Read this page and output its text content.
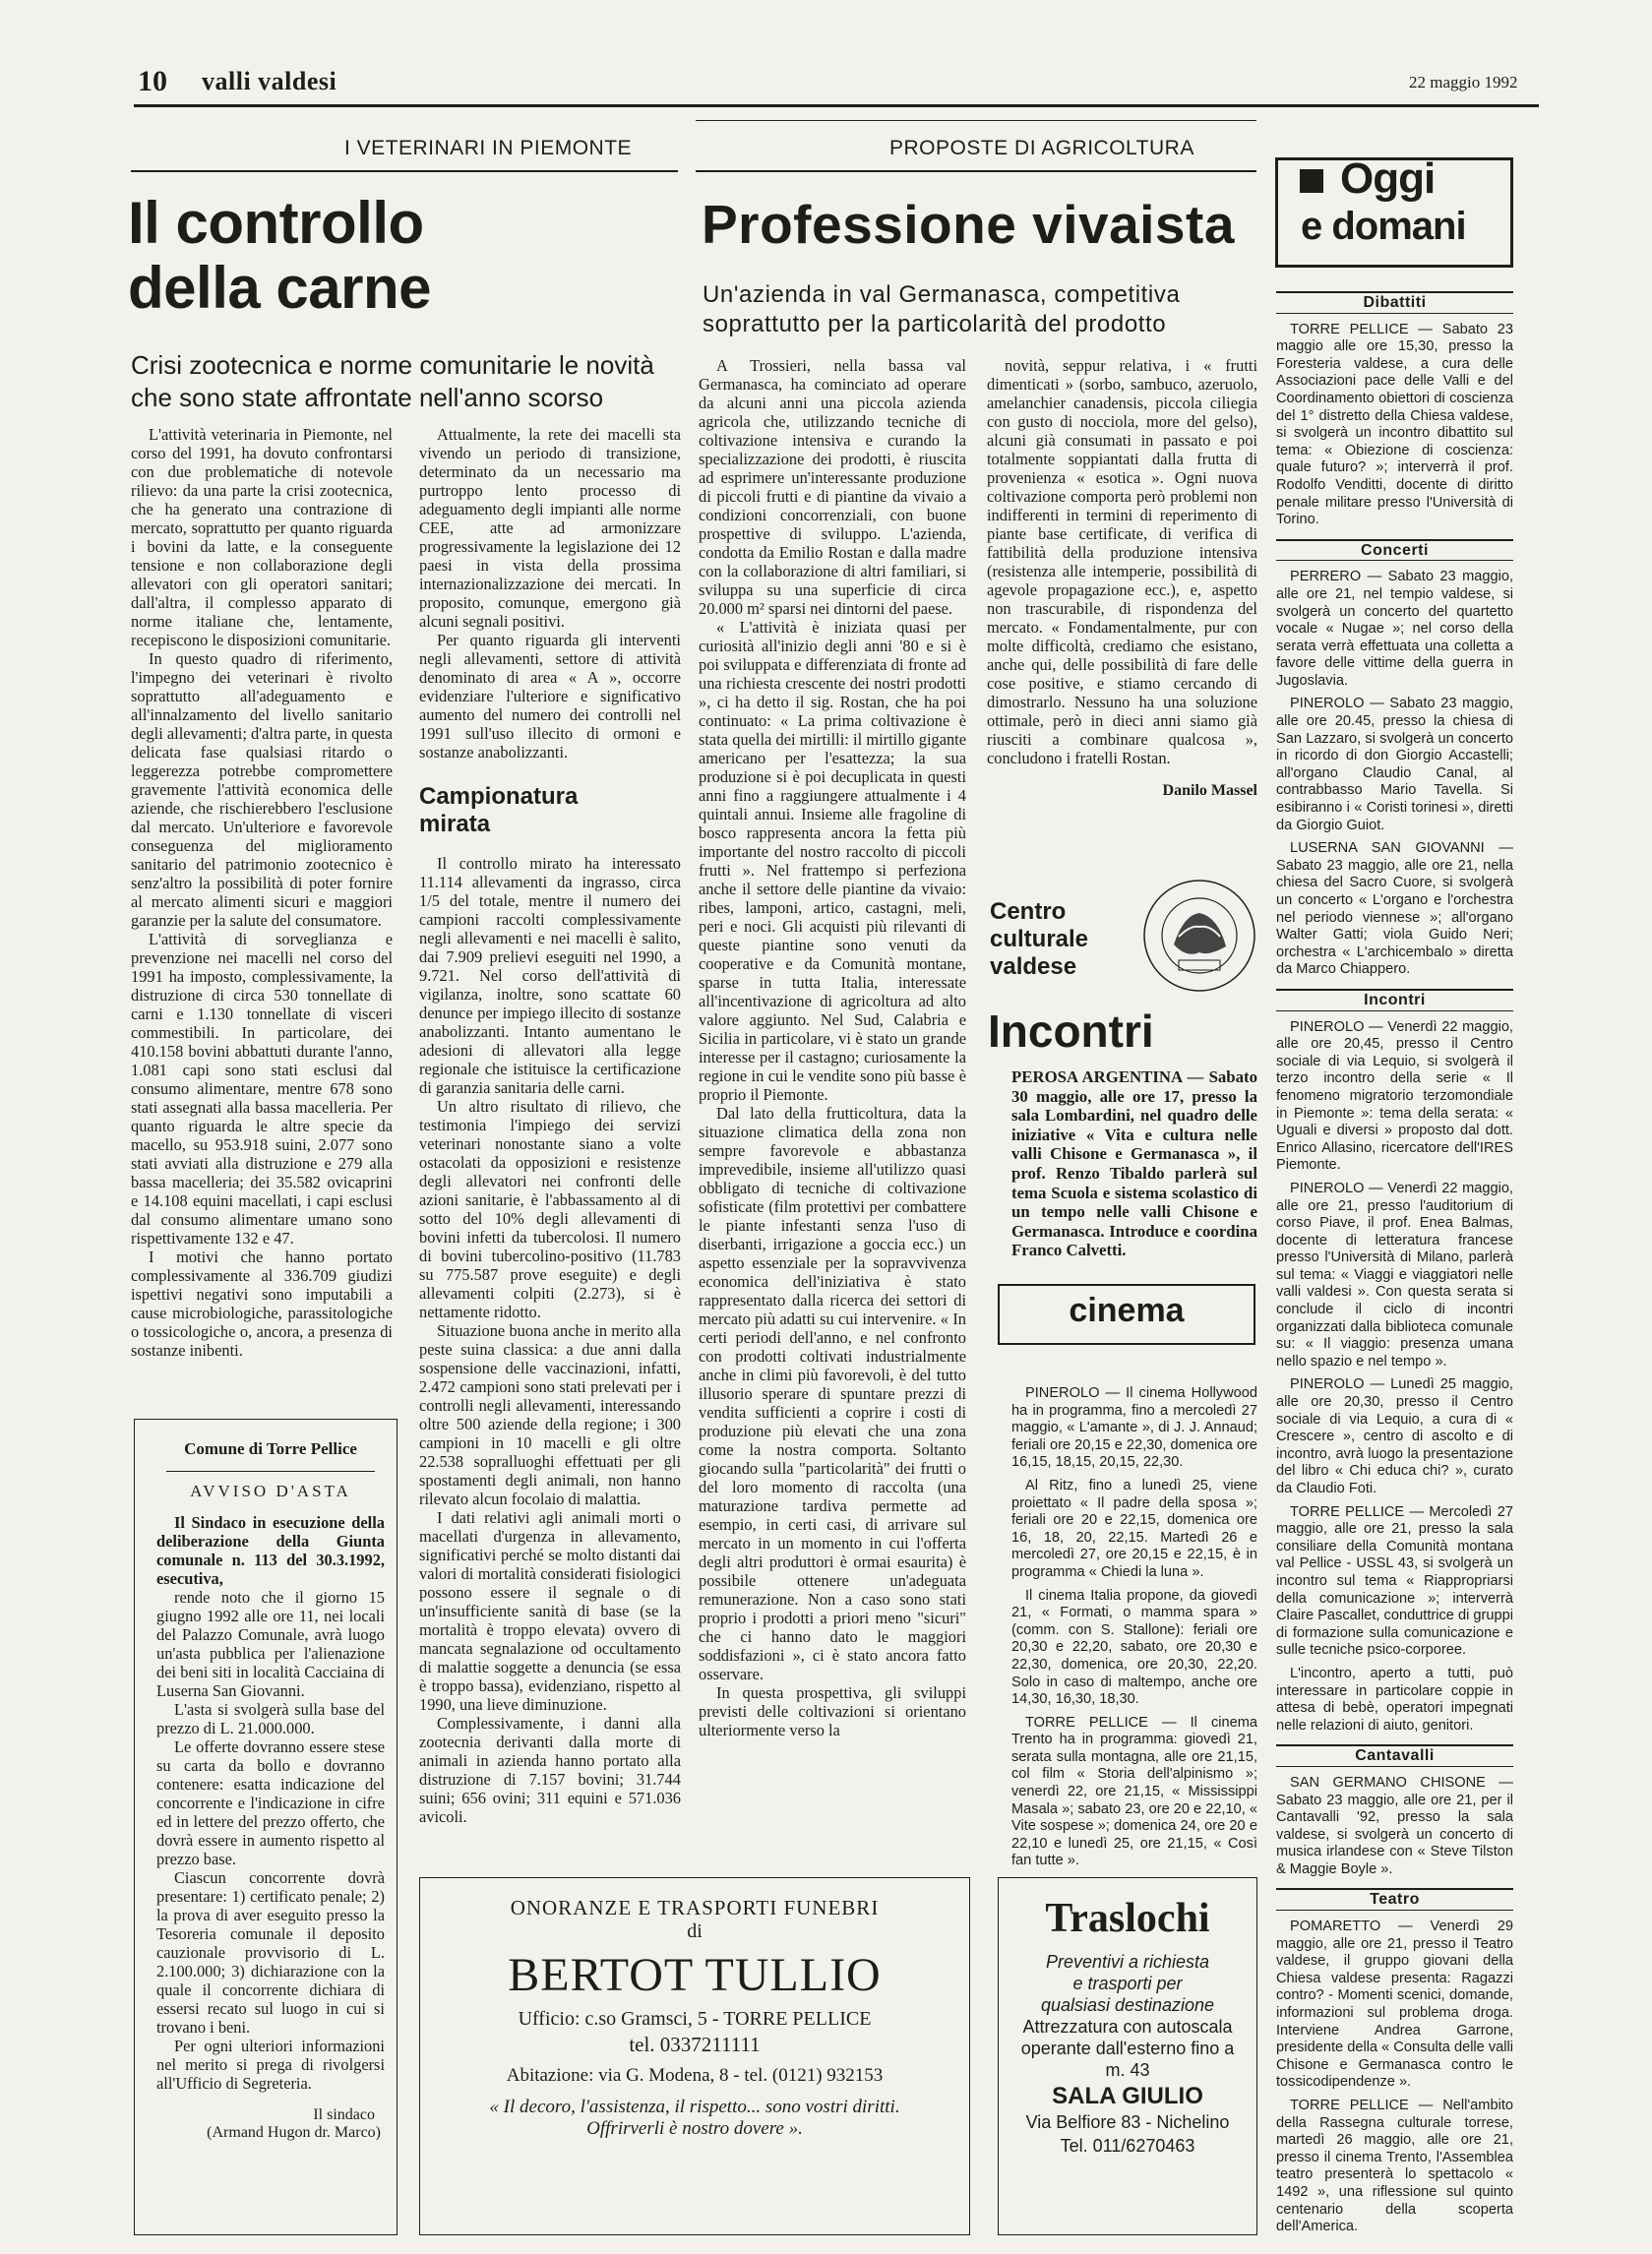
10 valli valdesi	22 maggio 1992
I VETERINARI IN PIEMONTE
Il controllo
della carne
Crisi zootecnica e norme comunitarie le novità che sono state affrontate nell'anno scorso

L'attività veterinaria in Piemonte, nel corso del 1991, ha dovuto confrontarsi con due problematiche di notevole rilievo: da una parte la crisi zootecnica, che ha generato una contrazione di mercato, soprattutto per quanto riguarda i bovini da latte, e la conseguente tensione e non collaborazione degli allevatori con gli operatori sanitari; dall'altra, il complesso apparato di norme italiane che, lentamente, recepiscono le disposizioni comunitarie.

In questo quadro di riferimento, l'impegno dei veterinari è rivolto soprattutto all'adeguamento e all'innalzamento del livello sanitario degli allevamenti; d'altra parte, in questa delicata fase qualsiasi ritardo o leggerezza potrebbe compromettere gravemente l'attività economica delle aziende, che rischierebbero l'esclusione dal mercato. Un'ulteriore e favorevole conseguenza del miglioramento sanitario del patrimonio zootecnico è senz'altro la possibilità di poter fornire al mercato alimenti sicuri e maggiori garanzie per la salute del consumatore.

L'attività di sorveglianza e prevenzione nei macelli nel corso del 1991 ha imposto, complessivamente, la distruzione di circa 530 tonnellate di carni e 1.130 tonnellate di visceri commestibili. In particolare, dei 410.158 bovini abbattuti durante l'anno, 1.081 capi sono stati esclusi dal consumo alimentare, mentre 678 sono stati assegnati alla bassa macelleria. Per quanto riguarda le altre specie da macello, su 953.918 suini, 2.077 sono stati avviati alla distruzione e 279 alla bassa macelleria; dei 35.582 ovicaprini e 14.108 equini macellati, i capi esclusi dal consumo alimentare umano sono rispettivamente 132 e 47.

I motivi che hanno portato complessivamente al 336.709 giudizi ispettivi negativi sono imputabili a cause microbiologiche, parassitologiche o tossicologiche o, ancora, a presenza di sostanze inibenti.

Attualmente, la rete dei macelli sta vivendo un periodo di transizione, determinato da un necessario ma purtroppo lento processo di adeguamento degli impianti alle norme CEE, atte ad armonizzare progressivamente la legislazione dei 12 paesi in vista della prossima internazionalizzazione dei mercati. In proposito, comunque, emergono già alcuni segnali positivi.

Per quanto riguarda gli interventi negli allevamenti, settore di attività denominato di area « A », occorre evidenziare l'ulteriore e significativo aumento del numero dei controlli nel 1991 sull'uso illecito di ormoni e sostanze anabolizzanti.

Campionatura mirata

Il controllo mirato ha interessato 11.114 allevamenti da ingrasso, circa 1/5 del totale, mentre il numero dei campioni raccolti complessivamente negli allevamenti e nei macelli è salito, dai 7.909 prelievi eseguiti nel 1990, a 9.721. Nel corso dell'attività di vigilanza, inoltre, sono scattate 60 denunce per impiego illecito di sostanze anabolizzanti. Intanto aumentano le adesioni di allevatori alla legge regionale che istituisce la certificazione di garanzia sanitaria delle carni.

Un altro risultato di rilievo, che testimonia l'impiego dei servizi veterinari nonostante siano a volte ostacolati da opposizioni e resistenze degli allevatori nei confronti delle azioni sanitarie, è l'abbassamento al di sotto del 10% degli allevamenti di bovini infetti da tubercolosi. Il numero di bovini tubercolino-positivo (11.783 su 775.587 prove eseguite) e degli allevamenti colpiti (2.273), si è nettamente ridotto.

Situazione buona anche in merito alla peste suina classica: a due anni dalla sospensione delle vaccinazioni, infatti, 2.472 campioni sono stati prelevati per i controlli negli allevamenti, interessando oltre 500 aziende della regione; i 300 campioni in 10 macelli e gli oltre 22.538 sopralluoghi effettuati per gli spostamenti degli animali, non hanno rilevato alcun focolaio di malattia.

I dati relativi agli animali morti o macellati d'urgenza in allevamento, significativi perché se molto distanti dai valori di mortalità considerati fisiologici possono essere il segnale o di un'insufficiente sanità di base (se la mortalità è troppo elevata) ovvero di mancata segnalazione od occultamento di malattie soggette a denuncia (se essa è troppo bassa), evidenziano, rispetto al 1990, una lieve diminuzione.

Complessivamente, i danni alla zootecnia derivanti dalla morte di animali in azienda hanno portato alla distruzione di 7.157 bovini; 31.744 suini; 656 ovini; 311 equini e 571.036 avicoli.

Comune di Torre Pellice
AVVISO D'ASTA

Il Sindaco in esecuzione della deliberazione della Giunta comunale n. 113 del 30.3.1992, esecutiva,

rende noto che il giorno 15 giugno 1992 alle ore 11, nei locali del Palazzo Comunale, avrà luogo un'asta pubblica per l'alienazione dei beni siti in località Cacciaina di Luserna San Giovanni.

L'asta si svolgerà sulla base del prezzo di L. 21.000.000.

Le offerte dovranno essere stese su carta da bollo e dovranno contenere: esatta indicazione del concorrente e l'indicazione in cifre ed in lettere del prezzo offerto, che dovrà essere in aumento rispetto al prezzo base.

Ciascun concorrente dovrà presentare: 1) certificato penale; 2) la prova di aver eseguito presso la Tesoreria comunale il deposito cauzionale provvisorio di L. 2.100.000; 3) dichiarazione con la quale il concorrente dichiara di essersi recato sul luogo in cui si trovano i beni.

Per ogni ulteriori informazioni nel merito si prega di rivolgersi all'Ufficio di Segreteria.

Il sindaco
(Armand Hugon dr. Marco)
PROPOSTE DI AGRICOLTURA
Professione vivaista
Un'azienda in val Germanasca, competitiva soprattutto per la particolarità del prodotto

A Trossieri, nella bassa val Germanasca, ha cominciato ad operare da alcuni anni una piccola azienda agricola che, utilizzando tecniche di coltivazione intensiva e curando la specializzazione dei prodotti, è riuscita ad esprimere un'interessante produzione di piccoli frutti e di piantine da vivaio a condizioni concorrenziali, con buone prospettive di sviluppo. L'azienda, condotta da Emilio Rostan e dalla madre con la collaborazione di altri familiari, si sviluppa su una superficie di circa 20.000 m² sparsi nei dintorni del paese.

« L'attività è iniziata quasi per curiosità all'inizio degli anni '80 e si è poi sviluppata e differenziata di fronte ad una richiesta crescente dei nostri prodotti », ci ha detto il sig. Rostan, che ha poi continuato: « La prima coltivazione è stata quella dei mirtilli: il mirtillo gigante americano per l'esattezza; la sua produzione si è poi decuplicata in questi anni fino a raggiungere attualmente i 4 quintali annui. Insieme alle fragoline di bosco rappresenta ancora la fetta più importante del nostro raccolto di piccoli frutti ». Nel frattempo si perfeziona anche il settore delle piantine da vivaio: ribes, lamponi, artico, castagni, meli, peri e noci. Gli acquisti più rilevanti di queste piantine sono venuti da cooperative e da Comunità montane, sparse in tutta Italia, interessate all'incentivazione di agricoltura ad alto valore aggiunto. Nel Sud, Calabria e Sicilia in particolare, vi è stato un grande interesse per il castagno; curiosamente la regione in cui le vendite sono più basse è proprio il Piemonte.

Dal lato della frutticoltura, data la situazione climatica della zona non sempre favorevole e abbastanza imprevedibile, insieme all'utilizzo quasi obbligato di tecniche di coltivazione sofisticate (film protettivi per combattere le piante infestanti senza l'uso di diserbanti, irrigazione a goccia ecc.) un aspetto essenziale per la sopravvivenza economica dell'iniziativa è stato rappresentato dalla ricerca dei settori di mercato più adatti su cui intervenire. « In certi periodi dell'anno, e nel confronto con prodotti coltivati industrialmente anche in climi più favorevoli, è del tutto illusorio sperare di spuntare prezzi di vendita sufficienti a coprire i costi di produzione più elevati che una zona come la nostra comporta. Soltanto giocando sulla "particolarità" dei frutti o del loro momento di raccolta (una maturazione tardiva permette ad esempio, in certi casi, di arrivare sul mercato in un momento in cui l'offerta degli altri produttori è ormai esaurita) è possibile ottenere un'adeguata remunerazione. Non a caso sono stati proprio i prodotti a priori meno "sicuri" che ci hanno dato le maggiori soddisfazioni », ci è stato ancora fatto osservare.

In questa prospettiva, gli sviluppi previsti delle coltivazioni si orientano ulteriormente verso la

novità, seppur relativa, i « frutti dimenticati » (sorbo, sambuco, azeruolo, amelanchier canadensis, piccola ciliegia con gusto di nocciola, more del gelso), alcuni già consumati in passato e poi totalmente soppiantati dalla frutta di provenienza « esotica ». Ogni nuova coltivazione comporta però problemi non indifferenti in termini di reperimento di piante base certificate, di verifica di fattibilità della produzione intensiva (resistenza alle intemperie, possibilità di agevole propagazione ecc.), e, aspetto non trascurabile, di rispondenza del mercato. « Fondamentalmente, pur con molte difficoltà, crediamo che esistano, anche qui, delle possibilità di fare delle cose positive, e stiamo cercando di dimostrarlo. Nessuno ha una soluzione ottimale, però in dieci anni siamo già riusciti a combinare qualcosa », concludono i fratelli Rostan.

Danilo Massel
Centro
culturale
valdese
Incontri
PEROSA ARGENTINA — Sabato 30 maggio, alle ore 17, presso la sala Lombardini, nel quadro delle iniziative « Vita e cultura nelle valli Chisone e Germanasca », il prof. Renzo Tibaldo parlerà sul tema Scuola e sistema scolastico di un tempo nelle valli Chisone e Germanasca. Introduce e coordina Franco Calvetti.
cinema

PINEROLO — Il cinema Hollywood ha in programma, fino a mercoledì 27 maggio, « L'amante », di J. J. Annaud; feriali ore 20,15 e 22,30, domenica ore 16,15, 18,15, 20,15, 22,30.

Al Ritz, fino a lunedì 25, viene proiettato « Il padre della sposa »; feriali ore 20 e 22,15, domenica ore 16, 18, 20, 22,15. Martedì 26 e mercoledì 27, ore 20,15 e 22,15, è in programma « Chiedi la luna ».

Il cinema Italia propone, da giovedì 21, « Formati, o mamma spara » (comm. con S. Stallone): feriali ore 20,30 e 22,20, sabato, ore 20,30 e 22,30, domenica, ore 20,30, 22,20. Solo in caso di maltempo, anche ore 14,30, 16,30, 18,30.

TORRE PELLICE — Il cinema Trento ha in programma: giovedì 21, serata sulla montagna, alle ore 21,15, col film « Storia dell'alpinismo »; venerdì 22, ore 21,15, « Mississippi Masala »; sabato 23, ore 20 e 22,10, « Vite sospese »; domenica 24, ore 20 e 22,10 e lunedì 25, ore 21,15, « Così fan tutte ».

ONORANZE E TRASPORTI FUNEBRI
di
BERTOT TULLIO
Ufficio: c.so Gramsci, 5 - TORRE PELLICE
tel. 0337211111
Abitazione: via G. Modena, 8 - tel. (0121) 932153
« Il decoro, l'assistenza, il rispetto... sono vostri diritti.
Offrirverli è nostro dovere ».
Traslochi
Preventivi a richiesta
e trasporti per
qualsiasi destinazione
Attrezzatura con autoscala
operante dall'esterno fino a
m. 43
SALA GIULIO
Via Belfiore 83 - Nichelino
Tel. 011/6270463
Oggi
e domani
Dibattiti

TORRE PELLICE — Sabato 23 maggio alle ore 15,30, presso la Foresteria valdese, a cura delle Associazioni pace delle Valli e del Coordinamento obiettori di coscienza del 1° distretto della Chiesa valdese, si svolgerà un incontro dibattito sul tema: « Obiezione di coscienza: quale futuro? »; interverrà il prof. Rodolfo Venditti, docente di diritto penale militare presso l'Università di Torino.

Concerti

PERRERO — Sabato 23 maggio, alle ore 21, nel tempio valdese, si svolgerà un concerto del quartetto vocale « Nugae »; nel corso della serata verrà effettuata una colletta a favore delle vittime della guerra in Jugoslavia.

PINEROLO — Sabato 23 maggio, alle ore 20.45, presso la chiesa di San Lazzaro, si svolgerà un concerto in ricordo di don Giorgio Accastelli; all'organo Claudio Canal, al contrabbasso Mario Tavella. Si esibiranno i « Coristi torinesi », diretti da Giorgio Guiot.

LUSERNA SAN GIOVANNI — Sabato 23 maggio, alle ore 21, nella chiesa del Sacro Cuore, si svolgerà un concerto « L'organo e l'orchestra nel periodo viennese »; all'organo Walter Gatti; viola Guido Neri; orchestra « L'archicembalo » diretta da Marco Chiappero.

Incontri

PINEROLO — Venerdì 22 maggio, alle ore 20,45, presso il Centro sociale di via Lequio, si svolgerà il terzo incontro della serie « Il fenomeno migratorio terzomondiale in Piemonte »: tema della serata: « Uguali e diversi » proposto dal dott. Enrico Allasino, ricercatore dell'IRES Piemonte.

PINEROLO — Venerdì 22 maggio, alle ore 21, presso l'auditorium di corso Piave, il prof. Enea Balmas, docente di letteratura francese presso l'Università di Milano, parlerà sul tema: « Viaggi e viaggiatori nelle valli valdesi ». Con questa serata si conclude il ciclo di incontri organizzati dalla biblioteca comunale su: « Il viaggio: presenza umana nello spazio e nel tempo ».

PINEROLO — Lunedì 25 maggio, alle ore 20,30, presso il Centro sociale di via Lequio, a cura di « Crescere », centro di ascolto e di incontro, avrà luogo la presentazione del libro « Chi educa chi? », curato da Claudio Foti.

TORRE PELLICE — Mercoledì 27 maggio, alle ore 21, presso la sala consiliare della Comunità montana val Pellice - USSL 43, si svolgerà un incontro sul tema « Riappropriarsi della comunicazione »; interverrà Claire Pascallet, conduttrice di gruppi di formazione sulla comunicazione e sulle tecniche psico-corporee.

L'incontro, aperto a tutti, può interessare in particolare coppie in attesa di bebè, operatori impegnati nelle relazioni di aiuto, genitori.

Cantavalli

SAN GERMANO CHISONE — Sabato 23 maggio, alle ore 21, per il Cantavalli '92, presso la sala valdese, si svolgerà un concerto di musica irlandese con « Steve Tilston & Maggie Boyle ».

Teatro

POMARETTO — Venerdì 29 maggio, alle ore 21, presso il Teatro valdese, il gruppo giovani della Chiesa valdese presenta: Ragazzi contro? - Momenti scenici, domande, informazioni sul problema droga. Interviene Andrea Garrone, presidente della « Consulta delle valli Chisone e Germanasca contro le tossicodipendenze ».

TORRE PELLICE — Nell'ambito della Rassegna culturale torrese, martedì 26 maggio, alle ore 21, presso il cinema Trento, l'Assemblea teatro presenterà lo spettacolo « 1492 », una riflessione sul quinto centenario della scoperta dell'America.
